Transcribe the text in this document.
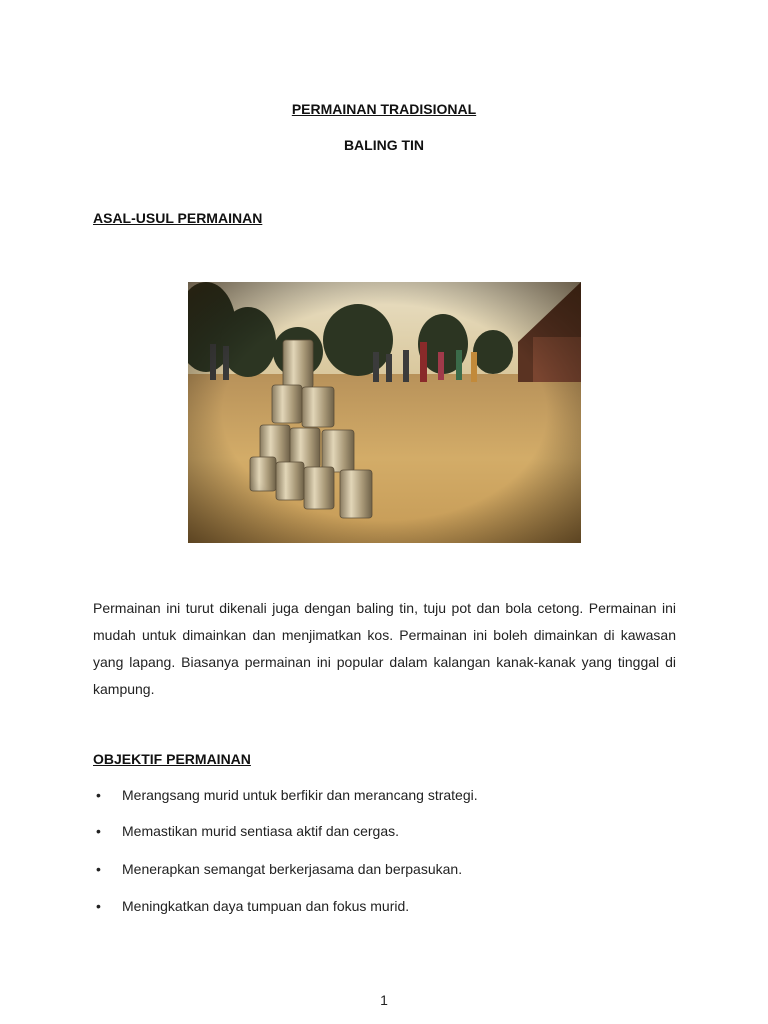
PERMAINAN TRADISIONAL
BALING TIN
ASAL-USUL PERMAINAN
Permainan ini turut dikenali juga dengan baling tin, tuju pot dan bola cetong. Permainan ini mudah untuk dimainkan dan menjimatkan kos. Permainan ini boleh dimainkan di kawasan yang lapang. Biasanya permainan ini popular dalam kalangan kanak-kanak yang tinggal di kampung.
OBJEKTIF PERMAINAN
• Merangsang murid untuk berfikir dan merancang strategi.
• Memastikan murid sentiasa aktif dan cergas.
• Menerapkan semangat berkerjasama dan berpasukan.
• Meningkatkan daya tumpuan dan fokus murid.
1
